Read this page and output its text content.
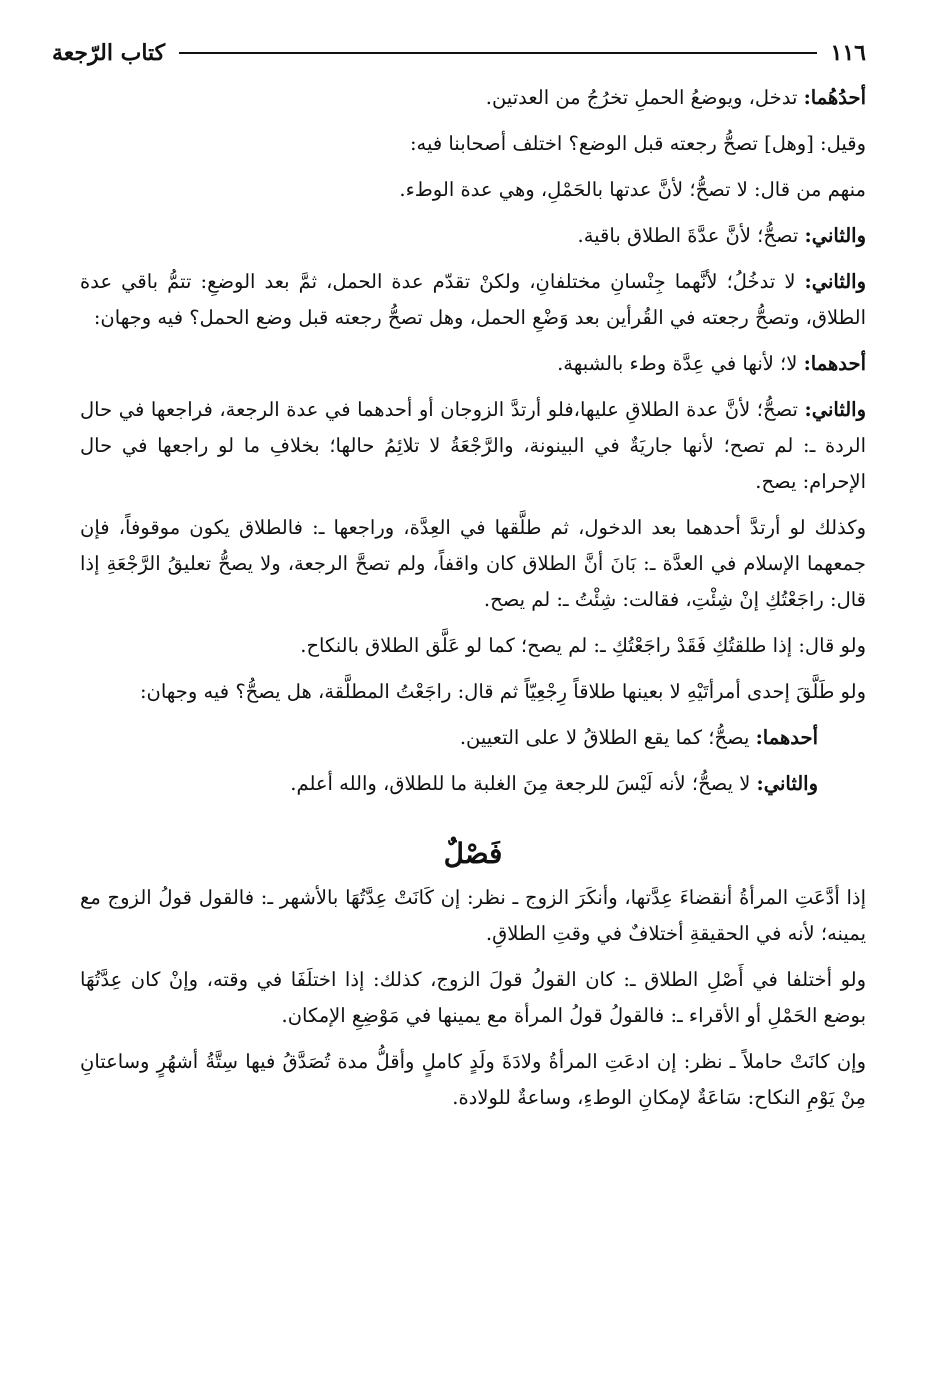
١١٦
كتاب الرّجعة

أحدُهُما: تدخل، ويوضعُ الحملِ تخرُجُ من العدتين.

وقيل: [وهل] تصحُّ رجعته قبل الوضع؟ اختلف أصحابنا فيه:

منهم من قال: لا تصحُّ؛ لأنَّ عدتها بالحَمْلِ، وهي عدة الوطء.

والثاني: تصحُّ؛ لأنَّ عدَّةَ الطلاق باقية.

والثاني: لا تدخُلُ؛ لأنَّهما جِنْسانِ مختلفانِ، ولكنْ تقدّم عدة الحمل، ثمَّ بعد الوضعِ: تتمُّ باقي عدة الطلاق، وتصحُّ رجعته في القُرأين بعد وَضْعِ الحمل، وهل تصحُّ رجعته قبل وضع الحمل؟ فيه وجهان:

أحدهما: لا؛ لأنها في عِدَّة وطء بالشبهة.

والثاني: تصحُّ؛ لأنَّ عدة الطلاقِ عليها،فلو أرتدَّ الزوجان أو أحدهما في عدة الرجعة، فراجعها في حال الردة ـ: لم تصح؛ لأنها جاريَةٌ في البينونة، والرَّجْعَةُ لا تلائِمُ حالها؛ بخلافِ ما لو راجعها في حال الإحرام: يصح.

وكذلك لو أرتدَّ أحدهما بعد الدخول، ثم طلَّقها في العِدَّة، وراجعها ـ: فالطلاق يكون موقوفاً، فإن جمعهما الإسلام في العدَّة ـ: بَانَ أنَّ الطلاق كان واقفاً، ولم تصحَّ الرجعة، ولا يصحُّ تعليقُ الرَّجْعَةِ إذا قال: راجَعْتُكِ إنْ شِئْتِ، فقالت: شِئْتُ ـ: لم يصح.

ولو قال: إذا طلقتُكِ فَقَدْ راجَعْتُكِ ـ: لم يصح؛ كما لو عَلَّق الطلاق بالنكاح.

ولو طَلَّقَ إحدى أمرأتَيْهِ لا بعينها طلاقاً رِجْعِيّاً ثم قال: راجَعْتُ المطلَّقة، هل يصحُّ؟ فيه وجهان:

أحدهما: يصحُّ؛ كما يقع الطلاقُ لا على التعيين.

والثاني: لا يصحُّ؛ لأنه لَيْسَ للرجعة مِنَ الغلبة ما للطلاق، والله أعلم.

فَصْلٌ

إذا أدَّعَتِ المرأةُ أنقضاءَ عِدَّتها، وأنكَرَ الزوج ـ نظر: إن كَانَتْ عِدَّتُهَا بالأشهر ـ: فالقول قولُ الزوج مع يمينه؛ لأنه في الحقيقةِ أختلافٌ في وقتِ الطلاقِ.

ولو أختلفا في أَصْلِ الطلاق ـ: كان القولُ قولَ الزوج، كذلك: إذا اختلَفَا في وقته، وإنْ كان عِدَّتُهَا بوضع الحَمْلِ أو الأقراء ـ: فالقولُ قولُ المرأة مع يمينها في مَوْضِعِ الإمكان.

وإن كانَتْ حاملاً ـ نظر: إن ادعَتِ المرأةُ ولادَةَ ولَدٍ كاملٍ وأقلُّ مدة تُصَدَّقُ فيها سِتَّةُ أشهُرٍ وساعتانِ مِنْ يَوْمِ النكاح: سَاعَةٌ لإمكانِ الوطءِ، وساعةٌ للولادة.
